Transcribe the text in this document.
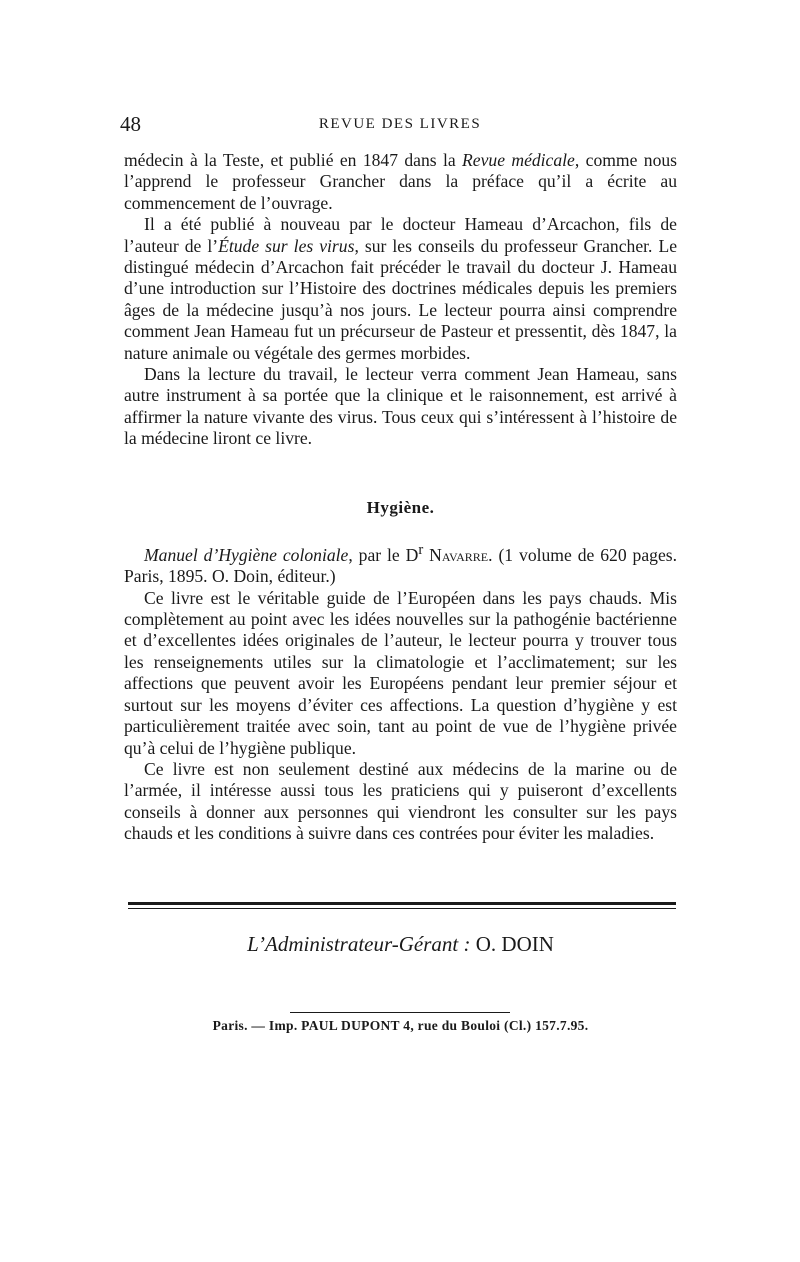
48	REVUE DES LIVRES

médecin à la Teste, et publié en 1847 dans la Revue médicale, comme nous l’apprend le professeur Grancher dans la préface qu’il a écrite au commencement de l’ouvrage.

Il a été publié à nouveau par le docteur Hameau d’Arcachon, fils de l’auteur de l’Étude sur les virus, sur les conseils du professeur Grancher. Le distingué médecin d’Arcachon fait précéder le travail du docteur J. Hameau d’une introduction sur l’Histoire des doctrines médicales depuis les premiers âges de la médecine jusqu’à nos jours. Le lecteur pourra ainsi comprendre comment Jean Hameau fut un précurseur de Pasteur et pressentit, dès 1847, la nature animale ou végétale des germes morbides.

Dans la lecture du travail, le lecteur verra comment Jean Hameau, sans autre instrument à sa portée que la clinique et le raisonnement, est arrivé à affirmer la nature vivante des virus. Tous ceux qui s’intéressent à l’histoire de la médecine liront ce livre.

Hygiène.

Manuel d’Hygiène coloniale, par le $D^r$ Navarre. (1 volume de 620 pages. Paris, 1895. O. Doin, éditeur.)

Ce livre est le véritable guide de l’Européen dans les pays chauds. Mis complètement au point avec les idées nouvelles sur la pathogénie bactérienne et d’excellentes idées originales de l’auteur, le lecteur pourra y trouver tous les renseignements utiles sur la climatologie et l’acclimatement; sur les affections que peuvent avoir les Européens pendant leur premier séjour et surtout sur les moyens d’éviter ces affections. La question d’hygiène y est particulièrement traitée avec soin, tant au point de vue de l’hygiène privée qu’à celui de l’hygiène publique.

Ce livre est non seulement destiné aux médecins de la marine ou de l’armée, il intéresse aussi tous les praticiens qui y puiseront d’excellents conseils à donner aux personnes qui viendront les consulter sur les pays chauds et les conditions à suivre dans ces contrées pour éviter les maladies.

L’Administrateur-Gérant : O. DOIN
Paris. — Imp. PAUL DUPONT 4, rue du Bouloi (Cl.) 157.7.95.
